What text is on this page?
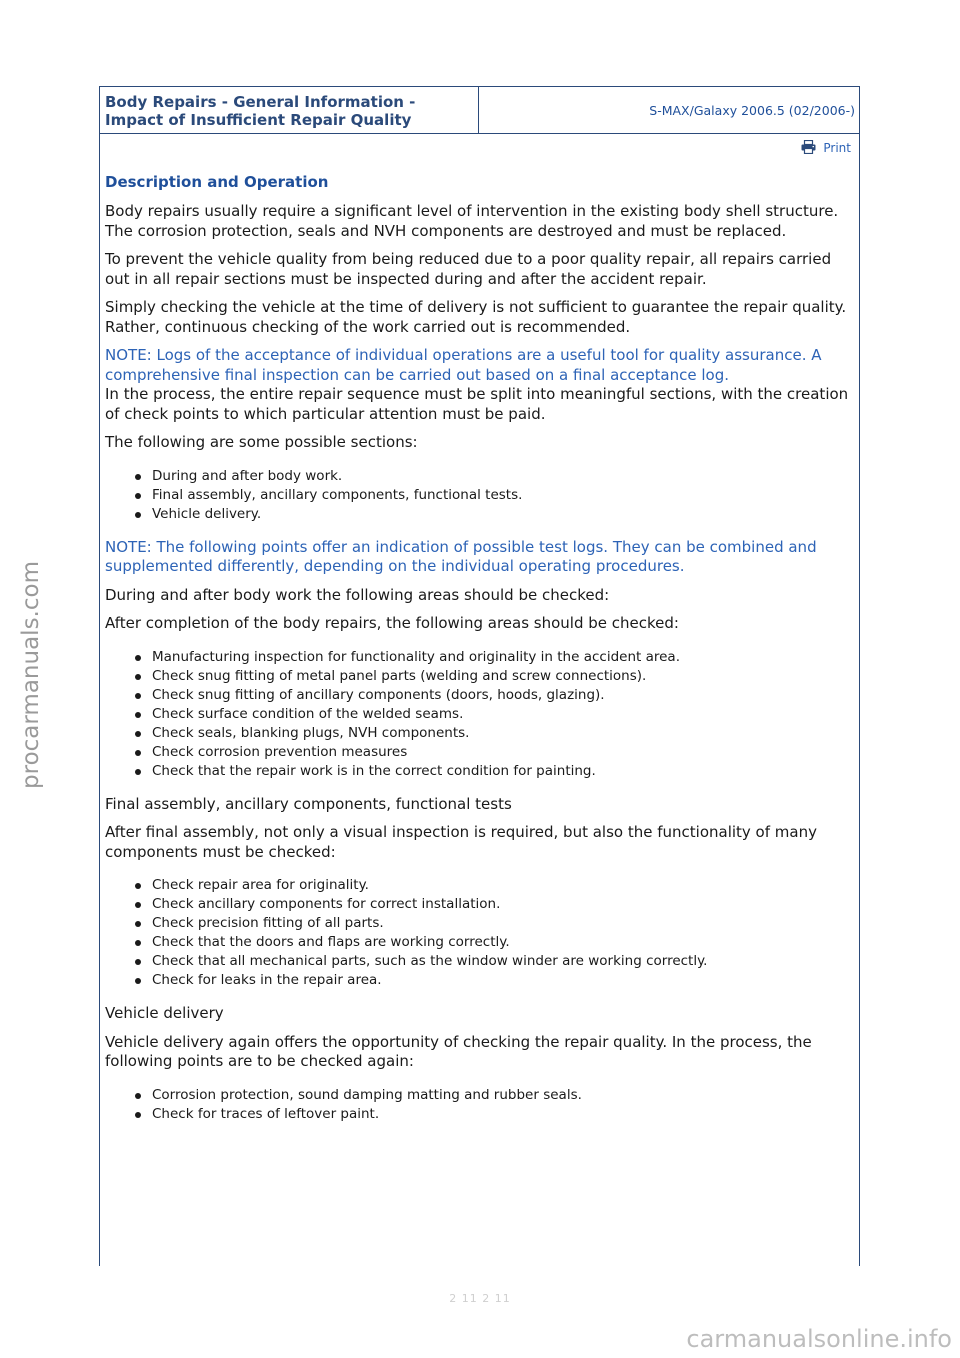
procarmanuals.com
Body Repairs - General Information -
Impact of Insufficient Repair Quality
S-MAX/Galaxy 2006.5 (02/2006-)
Print
Description and Operation

Body repairs usually require a significant level of intervention in the existing body shell structure. The corrosion protection, seals and NVH components are destroyed and must be replaced.

To prevent the vehicle quality from being reduced due to a poor quality repair, all repairs carried out in all repair sections must be inspected during and after the accident repair.

Simply checking the vehicle at the time of delivery is not sufficient to guarantee the repair quality. Rather, continuous checking of the work carried out is recommended.

NOTE: Logs of the acceptance of individual operations are a useful tool for quality assurance. A comprehensive final inspection can be carried out based on a final acceptance log.

In the process, the entire repair sequence must be split into meaningful sections, with the creation of check points to which particular attention must be paid.

The following are some possible sections:

During and after body work.
Final assembly, ancillary components, functional tests.
Vehicle delivery.

NOTE: The following points offer an indication of possible test logs. They can be combined and supplemented differently, depending on the individual operating procedures.

During and after body work the following areas should be checked:

After completion of the body repairs, the following areas should be checked:

Manufacturing inspection for functionality and originality in the accident area.
Check snug fitting of metal panel parts (welding and screw connections).
Check snug fitting of ancillary components (doors, hoods, glazing).
Check surface condition of the welded seams.
Check seals, blanking plugs, NVH components.
Check corrosion prevention measures
Check that the repair work is in the correct condition for painting.

Final assembly, ancillary components, functional tests

After final assembly, not only a visual inspection is required, but also the functionality of many components must be checked:

Check repair area for originality.
Check ancillary components for correct installation.
Check precision fitting of all parts.
Check that the doors and flaps are working correctly.
Check that all mechanical parts, such as the window winder are working correctly.
Check for leaks in the repair area.

Vehicle delivery

Vehicle delivery again offers the opportunity of checking the repair quality. In the process, the following points are to be checked again:

Corrosion protection, sound damping matting and rubber seals.
Check for traces of leftover paint.
2 11 2 11
carmanualsonline.info
